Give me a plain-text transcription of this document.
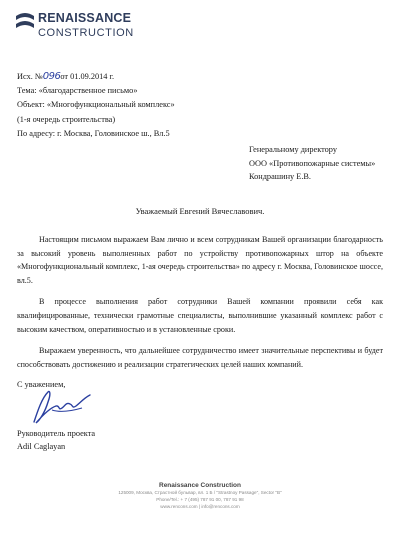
RENAISSANCE
CONSTRUCTION
Исх. №096от 01.09.2014 г.
Тема: «благодарственное письмо»
Объект: «Многофункциональный комплекс»
(1-я очередь строительства)
По адресу: г. Москва, Головинское ш., Вл.5
Генеральному директору
ООО «Противопожарные системы»
Кондрашину Е.В.
Уважаемый Евгений Вячеславович.

Настоящим письмом выражаем Вам лично и всем сотрудникам Вашей организации благодарность за высокий уровень выполненных работ по устройству противопожарных штор на объекте «Многофункциональный комплекс, 1-ая очередь строительства» по адресу г. Москва, Головинское шоссе, вл.5.

В процессе выполнения работ сотрудники Вашей компании проявили себя как квалифицированные, технически грамотные специалисты, выполнившие указанный комплекс работ с высоким качеством, оперативностью и в установленные сроки.

Выражаем уверенность, что дальнейшее сотрудничество имеет значительные перспективы и будет способствовать достижению и реализации стратегических целей наших компаний.

С уважением,
Руководитель проекта
Adil Caglayan
Renaissance Construction
125009, Москва, Страстной бульвар, вл. 1 Б / "Strastnoy Passage", Sector "B"
Phone/Tel.: + 7 (495) 787 91 00, 787 91 98
www.rencons.com | info@rencons.com
